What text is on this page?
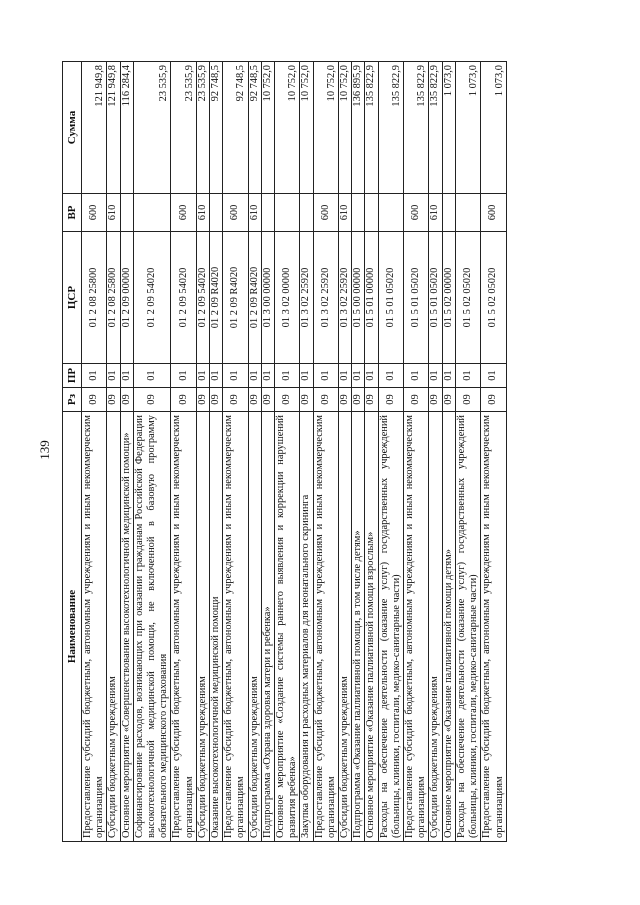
139
Наименование	Рз	ПР	ЦСР	ВР	Сумма
Предоставление субсидий бюджетным, автономным учреждениям и иным некоммерческим организациям	09	01	01 2 08 25800	600	121 949,8
Субсидии бюджетным учреждениям	09	01	01 2 08 25800	610	121 949,8
Основное мероприятие «Совершенствование высокотехнологичной медицинской помощи»	09	01	01 2 09 00000		116 284,4
Софинансирование расходов, возникающих при оказании гражданам Российской Федерации высокотехнологичной медицинской помощи, не включенной в базовую программу обязательного медицинского страхования	09	01	01 2 09 54020		23 535,9
Предоставление субсидий бюджетным, автономным учреждениям и иным некоммерческим организациям	09	01	01 2 09 54020	600	23 535,9
Субсидии бюджетным учреждениям	09	01	01 2 09 54020	610	23 535,9
Оказание высокотехнологичной медицинской помощи	09	01	01 2 09 R4020		92 748,5
Предоставление субсидий бюджетным, автономным учреждениям и иным некоммерческим организациям	09	01	01 2 09 R4020	600	92 748,5
Субсидии бюджетным учреждениям	09	01	01 2 09 R4020	610	92 748,5
Подпрограмма «Охрана здоровья матери и ребенка»	09	01	01 3 00 00000		10 752,0
Основное мероприятие «Создание системы раннего выявления и коррекции нарушений развития ребенка»	09	01	01 3 02 00000		10 752,0
Закупка оборудования и расходных материалов для неонатального скрининга	09	01	01 3 02 25920		10 752,0
Предоставление субсидий бюджетным, автономным учреждениям и иным некоммерческим организациям	09	01	01 3 02 25920	600	10 752,0
Субсидии бюджетным учреждениям	09	01	01 3 02 25920	610	10 752,0
Подпрограмма «Оказание паллиативной помощи, в том числе детям»	09	01	01 5 00 00000		136 895,9
Основное мероприятие «Оказание паллиативной помощи взрослым»	09	01	01 5 01 00000		135 822,9
Расходы на обеспечение деятельности (оказание услуг) государственных учреждений (больницы, клиники, госпитали, медико-санитарные части)	09	01	01 5 01 05020		135 822,9
Предоставление субсидий бюджетным, автономным учреждениям и иным некоммерческим организациям	09	01	01 5 01 05020	600	135 822,9
Субсидии бюджетным учреждениям	09	01	01 5 01 05020	610	135 822,9
Основное мероприятие «Оказание паллиативной помощи детям»	09	01	01 5 02 00000		1 073,0
Расходы на обеспечение деятельности (оказание услуг) государственных учреждений (больницы, клиники, госпитали, медико-санитарные части)	09	01	01 5 02 05020		1 073,0
Предоставление субсидий бюджетным, автономным учреждениям и иным некоммерческим организациям	09	01	01 5 02 05020	600	1 073,0
